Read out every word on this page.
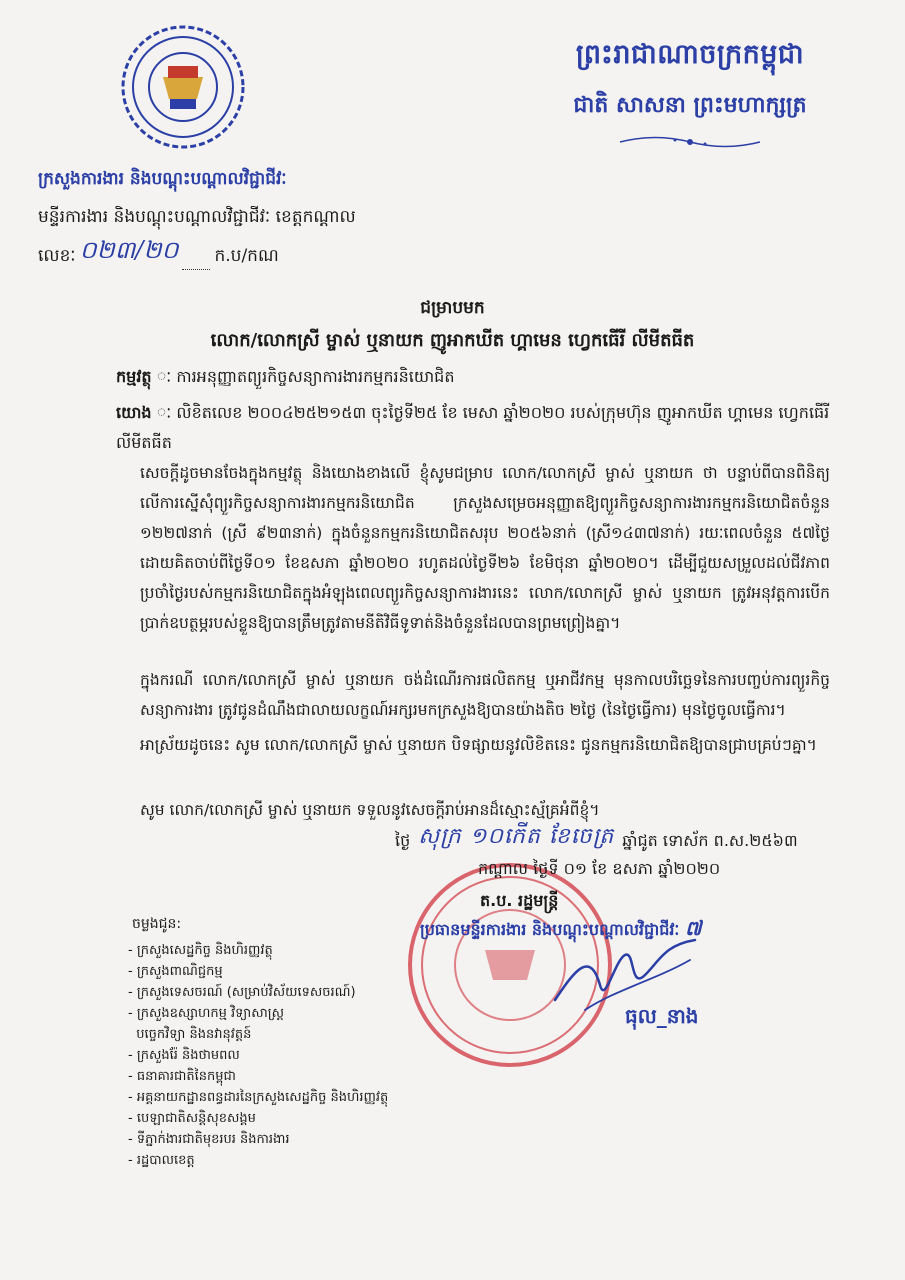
ព្រះរាជាណាចក្រកម្ពុជា
ជាតិ សាសនា ព្រះមហាក្សត្រ
ក្រសួងការងារ និងបណ្តុះបណ្តាលវិជ្ជាជីវៈ
មន្ទីរការងារ និងបណ្តុះបណ្តាលវិជ្ជាជីវៈ ខេត្តកណ្តាល
លេខៈ ០២៣/២០ ក.ប/កណ
ជម្រាបមក
លោក/លោកស្រី ម្ចាស់ ឬនាយក ញូអាកឃីត ហ្គាមេន ហ្វេកធើរី លីមីតធីត
កម្មវត្ថុ ៈ ការអនុញ្ញាតព្យួរកិច្ចសន្យាការងារកម្មករនិយោជិត
យោង ៈ លិខិតលេខ ២០០៤២៥២១៥៣ ចុះថ្ងៃទី២៥ ខែ មេសា ឆ្នាំ២០២០ របស់ក្រុមហ៊ុន ញូអាកឃីត ហ្គាមេន ហ្វេកធើរី លីមីតធីត
សេចក្តីដូចមានចែងក្នុងកម្មវត្ថុ និងយោងខាងលើ ខ្ញុំសូមជម្រាប លោក/លោកស្រី ម្ចាស់ ឬនាយក ថា បន្ទាប់ពីបានពិនិត្យលើការស្នើសុំព្យួរកិច្ចសន្យាការងារកម្មករនិយោជិត ក្រសួងសម្រេចអនុញ្ញាតឱ្យព្យួរកិច្ចសន្យាការងារកម្មករនិយោជិតចំនួន ១២២៧នាក់ (ស្រី ៩២៣នាក់) ក្នុងចំនួនកម្មករនិយោជិតសរុប ២០៥៦នាក់ (ស្រី១៤៣៧នាក់) រយៈពេលចំនួន ៥៧ថ្ងៃ ដោយគិតចាប់ពីថ្ងៃទី០១ ខែឧសភា ឆ្នាំ២០២០ រហូតដល់ថ្ងៃទី២៦ ខែមិថុនា ឆ្នាំ២០២០។ ដើម្បីជួយសម្រួលដល់ជីវភាពប្រចាំថ្ងៃរបស់កម្មករនិយោជិតក្នុងអំឡុងពេលព្យួរកិច្ចសន្យាការងារនេះ លោក/លោកស្រី ម្ចាស់ ឬនាយក ត្រូវអនុវត្តការបើកប្រាក់ឧបត្ថម្ភរបស់ខ្លួនឱ្យបានត្រឹមត្រូវតាមនីតិវិធីទូទាត់និងចំនួនដែលបានព្រមព្រៀងគ្នា។
ក្នុងករណី លោក/លោកស្រី ម្ចាស់ ឬនាយក ចង់ដំណើរការផលិតកម្ម ឬអាជីវកម្ម មុនកាលបរិច្ឆេទនៃការបញ្ចប់ការព្យួរកិច្ចសន្យាការងារ ត្រូវជូនដំណឹងជាលាយលក្ខណ៍អក្សរមកក្រសួងឱ្យបានយ៉ាងតិច ២ថ្ងៃ (នៃថ្ងៃធ្វើការ) មុនថ្ងៃចូលធ្វើការ។
អាស្រ័យដូចនេះ សូម លោក/លោកស្រី ម្ចាស់ ឬនាយក បិទផ្សាយនូវលិខិតនេះ ជូនកម្មករនិយោជិតឱ្យបានជ្រាបគ្រប់ៗគ្នា។
សូម លោក/លោកស្រី ម្ចាស់ ឬនាយក ទទួលនូវសេចក្តីរាប់អានដ៏ស្មោះស្ម័គ្រអំពីខ្ញុំ។
ថ្ងៃ សុក្រ ១០កើត ខែចេត្រ ឆ្នាំជូត ទោស័ក ព.ស.២៥៦៣
កណ្តាល ថ្ងៃទី ០១ ខែ ឧសភា ឆ្នាំ២០២០
ត.ប. រដ្ឋមន្ត្រី
ប្រធានមន្ទីរការងារ និងបណ្តុះបណ្តាលវិជ្ជាជីវៈ ៧
ធុល_នាង
ចម្លងជូន:
- ក្រសួងសេដ្ឋកិច្ច និងហិរញ្ញវត្ថុ
- ក្រសួងពាណិជ្ជកម្ម
- ក្រសួងទេសចរណ៍ (សម្រាប់វិស័យទេសចរណ៍)
- ក្រសួងឧស្សាហកម្ម វិទ្យាសាស្ត្រ
បច្ចេកវិទ្យា និងនវានុវត្តន៍
- ក្រសួងរ៉ែ និងថាមពល
- ធនាគារជាតិនៃកម្ពុជា
- អគ្គនាយកដ្ឋានពន្ធដារនៃក្រសួងសេដ្ឋកិច្ច និងហិរញ្ញវត្ថុ
- បេឡាជាតិសន្តិសុខសង្គម
- ទីភ្នាក់ងារជាតិមុខរបរ និងការងារ
- រដ្ឋបាលខេត្ត
